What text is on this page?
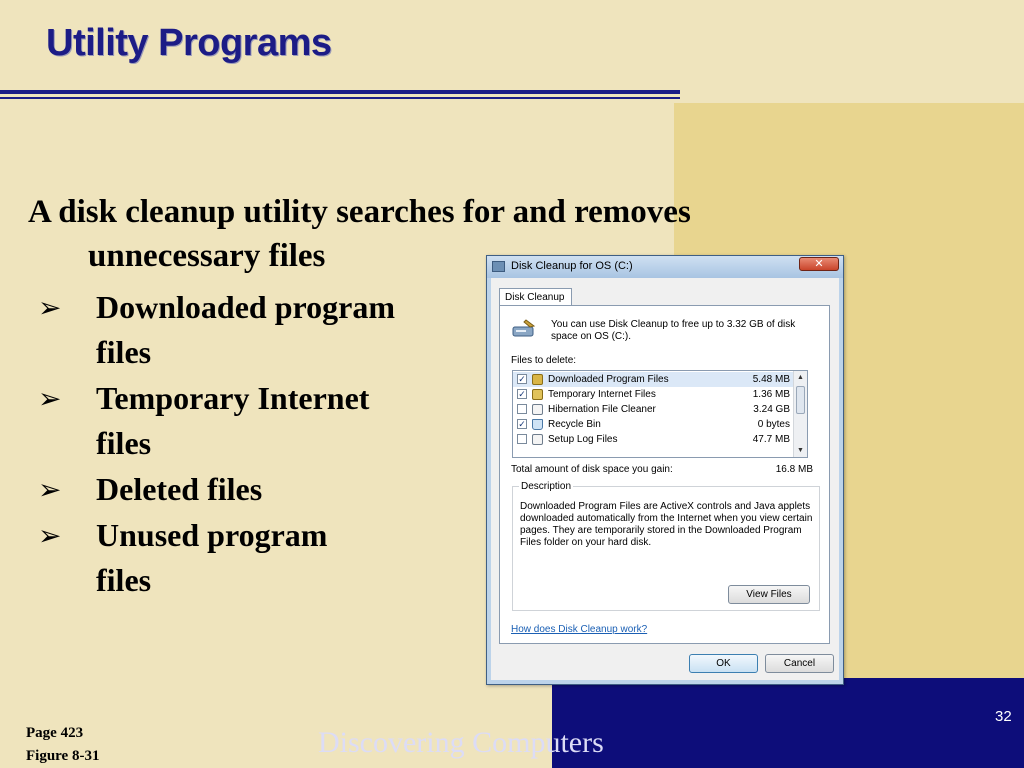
Utility Programs
A disk cleanup utility searches for and removes
unnecessary files
➢ Downloaded program
files
➢ Temporary Internet
files
➢ Deleted files
➢ Unused program
files
Disk Cleanup for OS (C:)	✕
Disk Cleanup
You can use Disk Cleanup to free up to 3.32 GB of disk space on OS (C:).
Files to delete:
✓ Downloaded Program Files	5.48 MB
✓ Temporary Internet Files	1.36 MB
Hibernation File Cleaner	3.24 GB
✓ Recycle Bin	0 bytes
Setup Log Files	47.7 MB
▲
▼
Total amount of disk space you gain:	16.8 MB
Description
Downloaded Program Files are ActiveX controls and Java applets downloaded automatically from the Internet when you view certain pages. They are temporarily stored in the Downloaded Program Files folder on your hard disk.
View Files
How does Disk Cleanup work?
OK	Cancel
Page 423
Figure 8-31	Discovering Computers
32
